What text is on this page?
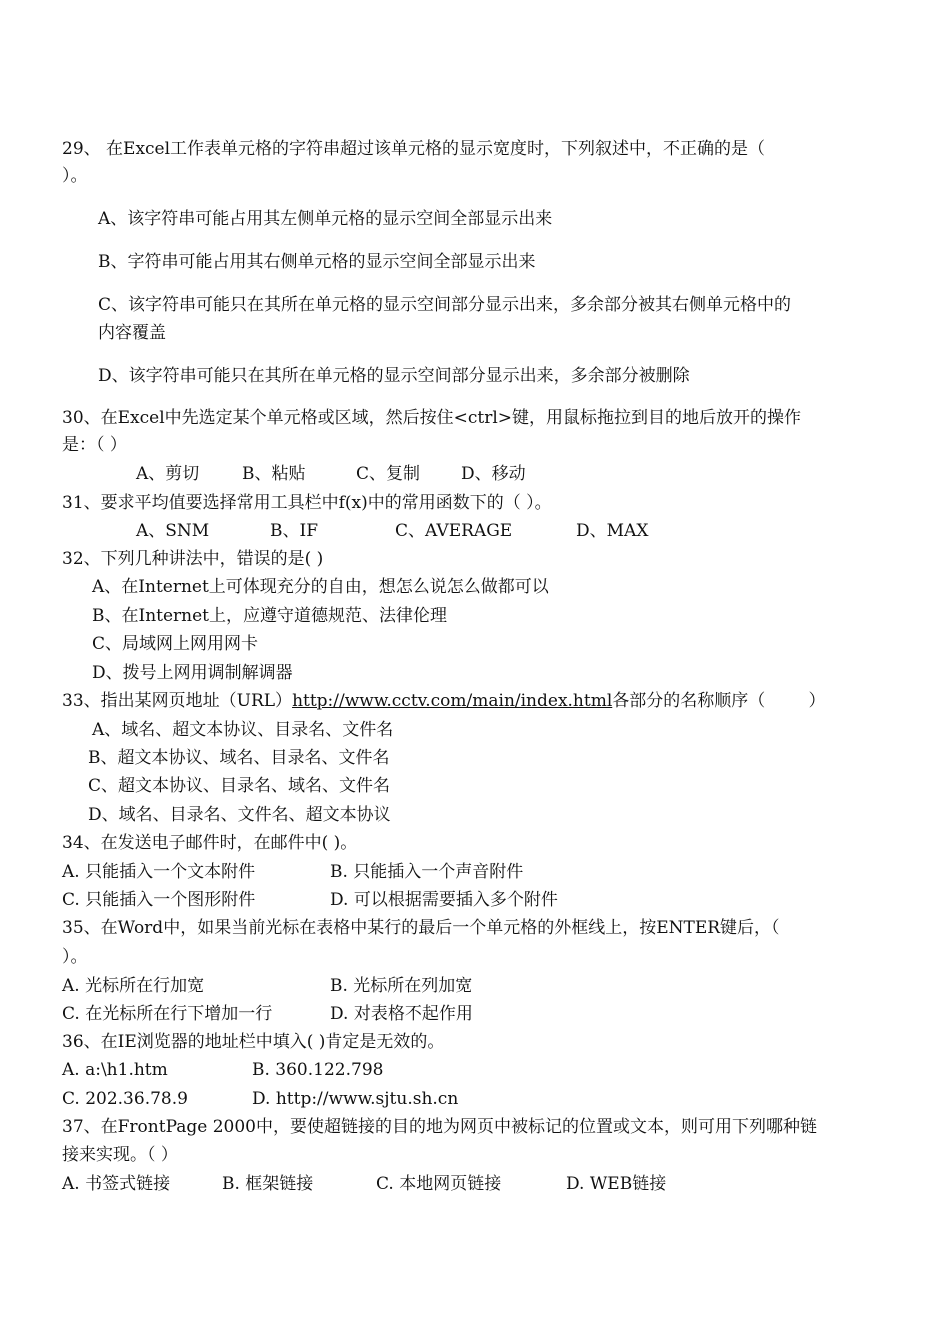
29、 在Excel工作表单元格的字符串超过该单元格的显示宽度时，下列叙述中，不正确的是（
）。
A、该字符串可能占用其左侧单元格的显示空间全部显示出来
B、字符串可能占用其右侧单元格的显示空间全部显示出来
C、该字符串可能只在其所在单元格的显示空间部分显示出来，多余部分被其右侧单元格中的
内容覆盖
D、该字符串可能只在其所在单元格的显示空间部分显示出来，多余部分被删除
30、在Excel中先选定某个单元格或区域，然后按住<ctrl>键，用鼠标拖拉到目的地后放开的操作
是：（ ）
A、剪切	B、粘贴	C、复制 D、移动
31、要求平均值要选择常用工具栏中f(x)中的常用函数下的（ ）。
A、SNM	B、IF	C、AVERAGE	D、MAX
32、下列几种讲法中，错误的是( )
A、在Internet上可体现充分的自由，想怎么说怎么做都可以
B、在Internet上，应遵守道德规范、法律伦理
C、局域网上网用网卡
D、拨号上网用调制解调器
33、指出某网页地址（URL）http://www.cctv.com/main/index.html各部分的名称顺序（        ）
A、域名、超文本协议、目录名、文件名
B、超文本协议、域名、目录名、文件名
C、超文本协议、目录名、域名、文件名
D、域名、目录名、文件名、超文本协议
34、在发送电子邮件时，在邮件中( )。
A. 只能插入一个文本附件	B. 只能插入一个声音附件
C. 只能插入一个图形附件	D. 可以根据需要插入多个附件
35、在Word中，如果当前光标在表格中某行的最后一个单元格的外框线上，按ENTER键后，（
）。
A. 光标所在行加宽	B. 光标所在列加宽
C. 在光标所在行下增加一行	D. 对表格不起作用
36、在IE浏览器的地址栏中填入( )肯定是无效的。
A. a:\h1.htm	B. 360.122.798
C. 202.36.78.9	D. http://www.sjtu.sh.cn
37、在FrontPage 2000中，要使超链接的目的地为网页中被标记的位置或文本，则可用下列哪种链
接来实现。（ ）
A. 书签式链接	B. 框架链接	C. 本地网页链接	D. WEB链接
